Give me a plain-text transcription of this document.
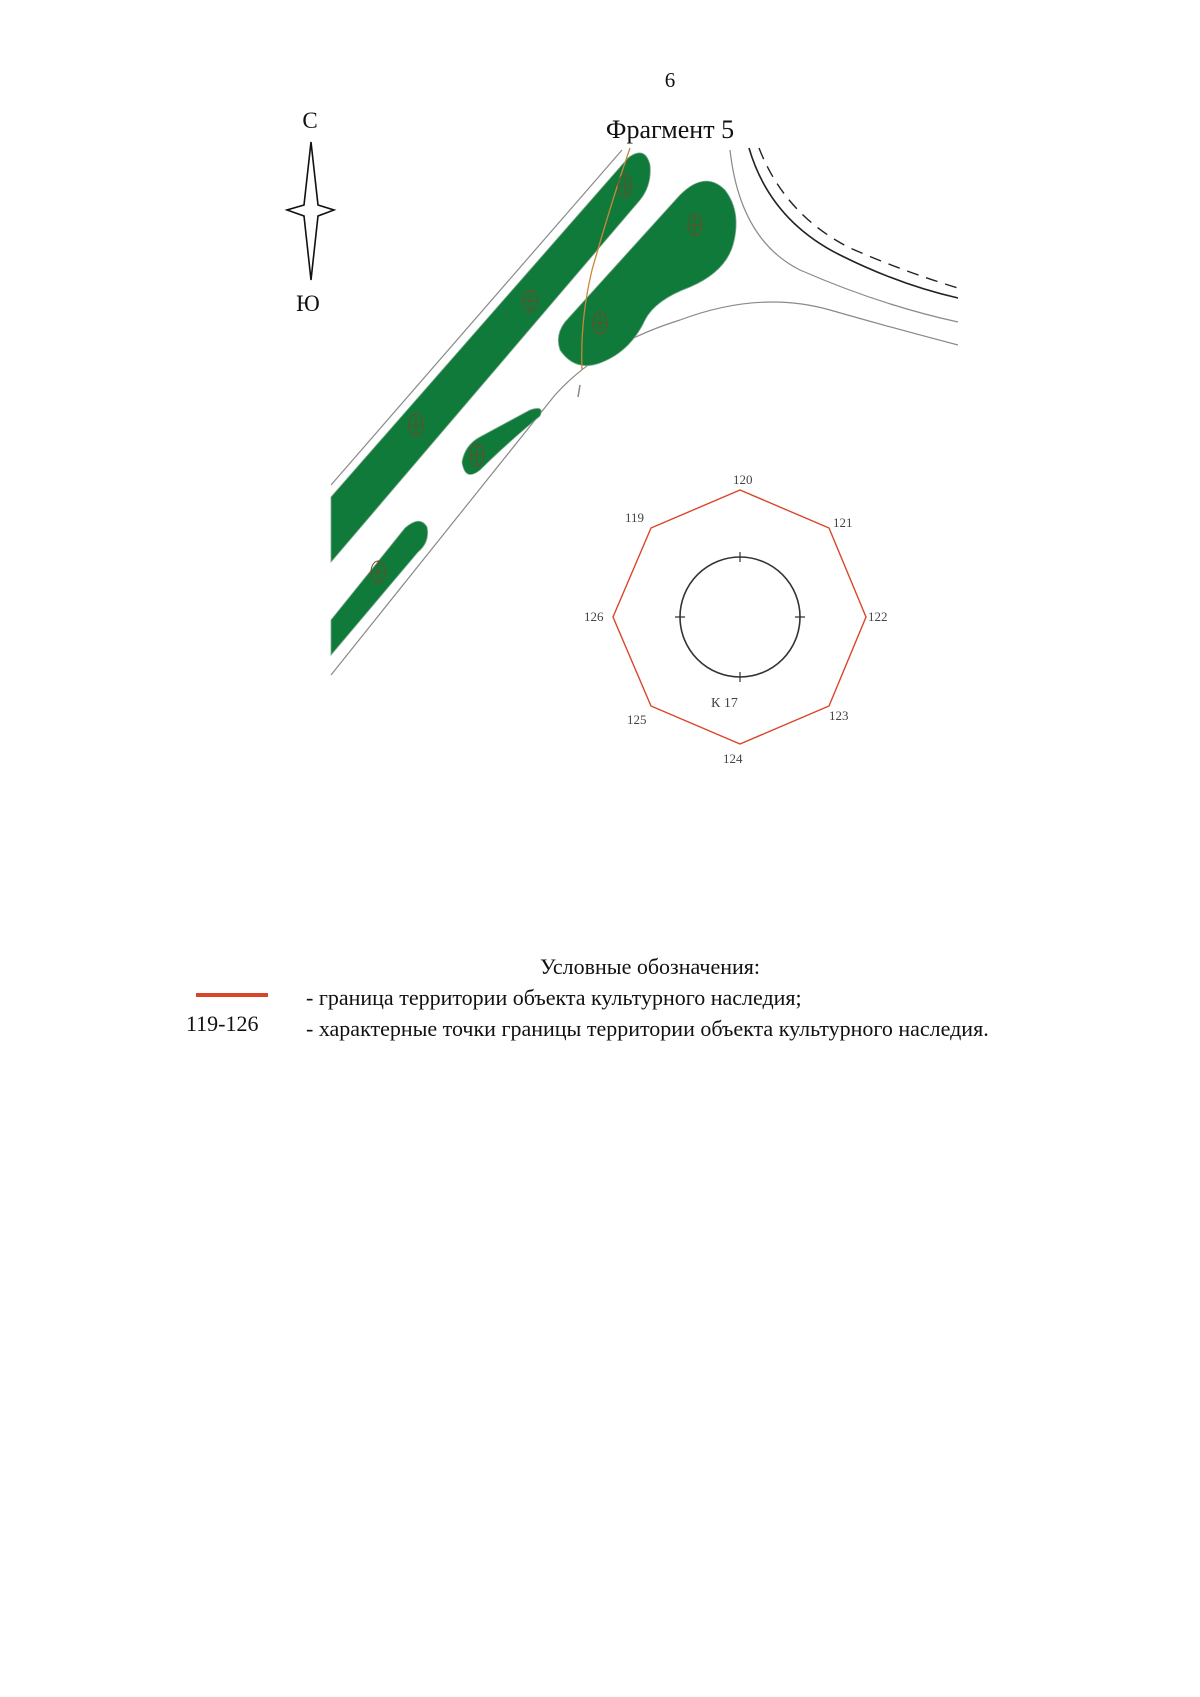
6
Фрагмент 5
С
Ю
119
120
121
122
123
124
125
126
К 17
Условные обозначения:
- граница территории объекта культурного наследия;
119-126 - характерные точки границы территории объекта культурного наследия.
